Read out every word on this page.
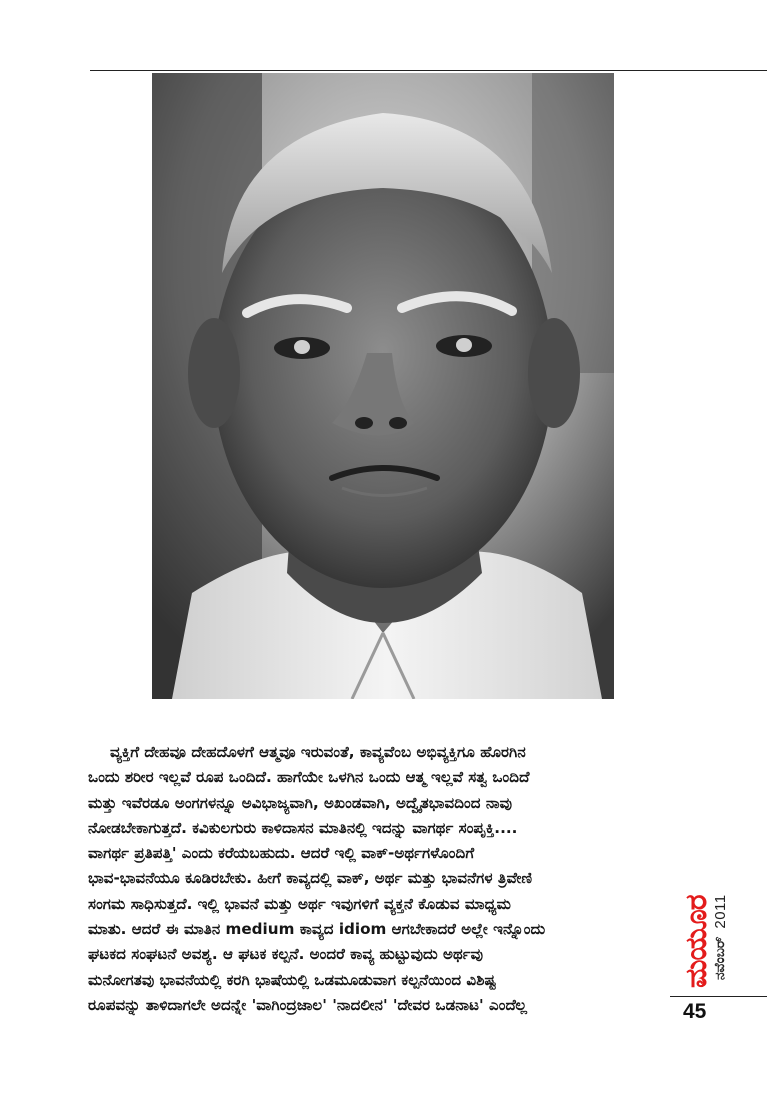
ವ್ಯಕ್ತಿಗೆ ದೇಹವೂ ದೇಹದೊಳಗೆ ಆತ್ಮವೂ ಇರುವಂತೆ, ಕಾವ್ಯವೆಂಬ ಅಭಿವ್ಯಕ್ತಿಗೂ ಹೊರಗಿನ
ಒಂದು ಶರೀರ ಇಲ್ಲವೆ ರೂಪ ಒಂದಿದೆ. ಹಾಗೆಯೇ ಒಳಗಿನ ಒಂದು ಆತ್ಮ ಇಲ್ಲವೆ ಸತ್ವ ಒಂದಿದೆ
ಮತ್ತು ಇವೆರಡೂ ಅಂಗಗಳನ್ನೂ ಅವಿಭಾಜ್ಯವಾಗಿ, ಅಖಂಡವಾಗಿ, ಅದ್ವೈತಭಾವದಿಂದ ನಾವು
ನೋಡಬೇಕಾಗುತ್ತದೆ. ಕವಿಕುಲಗುರು ಕಾಳಿದಾಸನ ಮಾತಿನಲ್ಲಿ ಇದನ್ನು ವಾಗರ್ಥ ಸಂಪೃಕ್ತಿ....
ವಾಗರ್ಥ ಪ್ರತಿಪತ್ತಿ' ಎಂದು ಕರೆಯಬಹುದು. ಆದರೆ ಇಲ್ಲಿ ವಾಕ್-ಅರ್ಥಗಳೊಂದಿಗೆ
ಭಾವ-ಭಾವನೆಯೂ ಕೂಡಿರಬೇಕು. ಹೀಗೆ ಕಾವ್ಯದಲ್ಲಿ ವಾಕ್, ಅರ್ಥ ಮತ್ತು ಭಾವನೆಗಳ ತ್ರಿವೇಣಿ
ಸಂಗಮ ಸಾಧಿಸುತ್ತದೆ. ಇಲ್ಲಿ ಭಾವನೆ ಮತ್ತು ಅರ್ಥ ಇವುಗಳಿಗೆ ವ್ಯಕ್ತನೆ ಕೊಡುವ ಮಾಧ್ಯಮ
ಮಾತು. ಆದರೆ ಈ ಮಾತಿನ medium ಕಾವ್ಯದ idiom ಆಗಬೇಕಾದರೆ ಅಲ್ಲೇ ಇನ್ನೊಂದು
ಘಟಕದ ಸಂಘಟನೆ ಅವಶ್ಯ. ಆ ಘಟಕ ಕಲ್ಪನೆ. ಅಂದರೆ ಕಾವ್ಯ ಹುಟ್ಟುವುದು ಅರ್ಥವು
ಮನೋಗತವು ಭಾವನೆಯಲ್ಲಿ ಕರಗಿ ಭಾಷೆಯಲ್ಲಿ ಒಡಮೂಡುವಾಗ ಕಲ್ಪನೆಯಿಂದ ವಿಶಿಷ್ಟ
ರೂಪವನ್ನು ತಾಳಿದಾಗಲೇ ಅದನ್ನೇ 'ವಾಗಿಂದ್ರಜಾಲ' 'ನಾದಲೀನ' 'ದೇವರ ಒಡನಾಟ' ಎಂದೆಲ್ಲ
ನವೆಂಬರ್
2011
ಮಯೂರ
45
